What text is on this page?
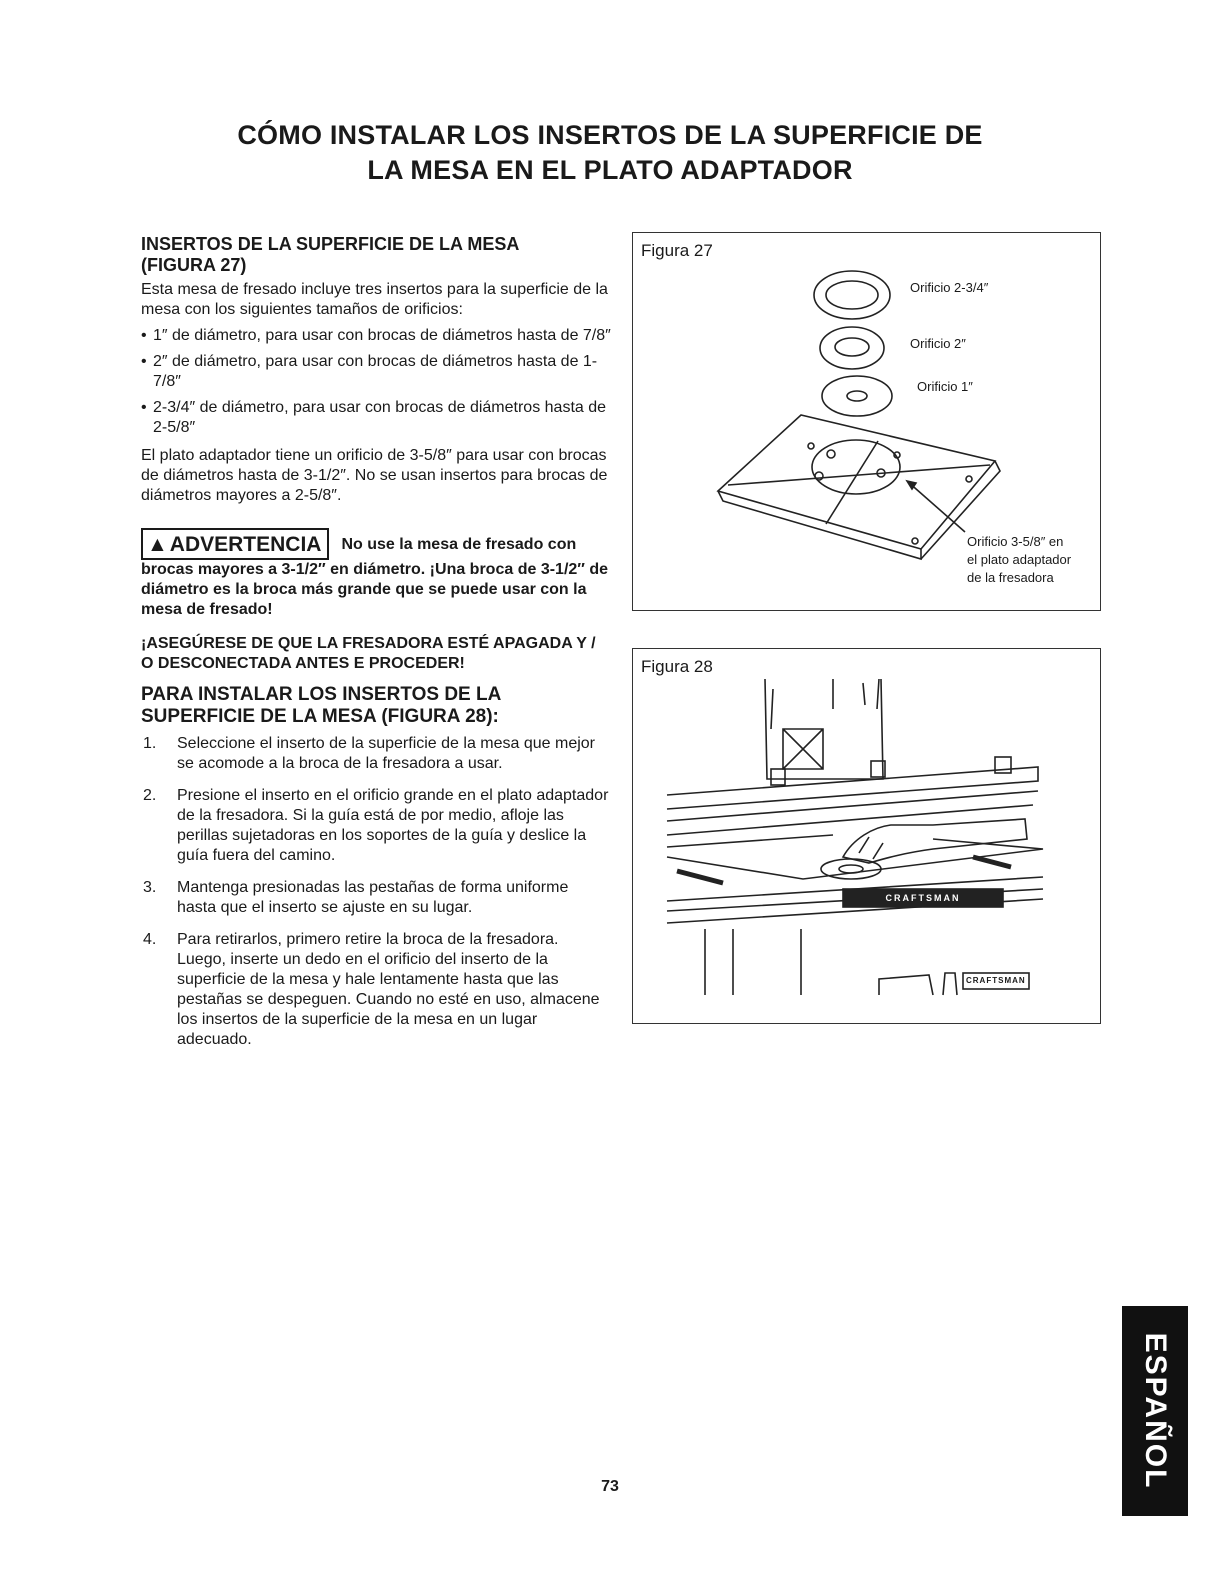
CÓMO INSTALAR LOS INSERTOS DE LA SUPERFICIE DE
LA MESA EN EL PLATO ADAPTADOR
INSERTOS DE LA SUPERFICIE DE LA MESA
(FIGURA 27)

Esta mesa de fresado incluye tres insertos para la superficie de la mesa con los siguientes tamaños de orificios:

• 1″ de diámetro, para usar con brocas de diámetros hasta de 7/8″
• 2″ de diámetro, para usar con brocas de diámetros hasta de 1-7/8″
• 2-3/4″ de diámetro, para usar con brocas de diámetros hasta de 2-5/8″

El plato adaptador tiene un orificio de 3-5/8″ para usar con brocas de diámetros hasta de 3-1/2″. No se usan insertos para brocas de diámetros mayores a 2-5/8″.

▲ADVERTENCIA No use la mesa de fresado con brocas mayores a 3-1/2″ en diámetro. ¡Una broca de 3-1/2″ de diámetro es la broca más grande que se puede usar con la mesa de fresado!

¡ASEGÚRESE DE QUE LA FRESADORA ESTÉ APAGADA Y / O DESCONECTADA ANTES E PROCEDER!

PARA INSTALAR LOS INSERTOS DE LA
SUPERFICIE DE LA MESA (FIGURA 28):
1. Seleccione el inserto de la superficie de la mesa que mejor se acomode a la broca de la fresadora a usar.
2. Presione el inserto en el orificio grande en el plato adaptador de la fresadora. Si la guía está de por medio, afloje las perillas sujetadoras en los soportes de la guía y deslice la guía fuera del camino.
3. Mantenga presionadas las pestañas de forma uniforme hasta que el inserto se ajuste en su lugar.
4. Para retirarlos, primero retire la broca de la fresadora. Luego, inserte un dedo en el orificio del inserto de la superficie de la mesa y hale lentamente hasta que las pestañas se despeguen. Cuando no esté en uso, almacene los insertos de la superficie de la mesa en un lugar adecuado.
Figura 27
Orificio 2-3/4″
Orificio 2″
Orificio 1″
Orificio 3-5/8″ en
el plato adaptador
de la fresadora
Figura 28
CRAFTSMAN
CRAFTSMAN
ESPAÑOL
73
